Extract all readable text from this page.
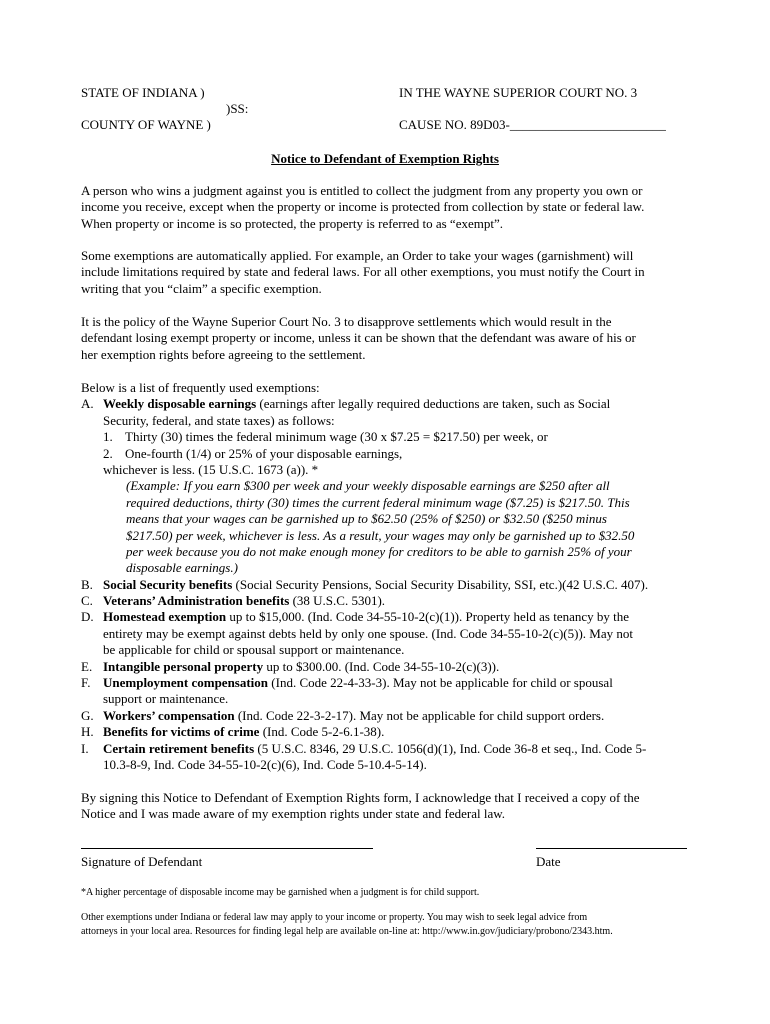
STATE OF INDIANA )
)SS:
COUNTY OF WAYNE )
IN THE WAYNE SUPERIOR COURT NO. 3
CAUSE NO. 89D03-________________________
Notice to Defendant of Exemption Rights

A person who wins a judgment against you is entitled to collect the judgment from any property you own or

income you receive, except when the property or income is protected from collection by state or federal law.

When property or income is so protected, the property is referred to as “exempt”.

Some exemptions are automatically applied. For example, an Order to take your wages (garnishment) will

include limitations required by state and federal laws. For all other exemptions, you must notify the Court in

writing that you “claim” a specific exemption.

It is the policy of the Wayne Superior Court No. 3 to disapprove settlements which would result in the

defendant losing exempt property or income, unless it can be shown that the defendant was aware of his or

her exemption rights before agreeing to the settlement.

Below is a list of frequently used exemptions:
A. Weekly disposable earnings (earnings after legally required deductions are taken, such as Social
Security, federal, and state taxes) as follows:
1. Thirty (30) times the federal minimum wage (30 x $7.25 = $217.50) per week, or
2. One-fourth (1/4) or 25% of your disposable earnings,
whichever is less. (15 U.S.C. 1673 (a)). *
(Example: If you earn $300 per week and your weekly disposable earnings are $250 after all
required deductions, thirty (30) times the current federal minimum wage ($7.25) is $217.50. This
means that your wages can be garnished up to $62.50 (25% of $250) or $32.50 ($250 minus
$217.50) per week, whichever is less. As a result, your wages may only be garnished up to $32.50
per week because you do not make enough money for creditors to be able to garnish 25% of your
disposable earnings.)
B. Social Security benefits (Social Security Pensions, Social Security Disability, SSI, etc.)(42 U.S.C. 407).
C. Veterans’ Administration benefits (38 U.S.C. 5301).
D. Homestead exemption up to $15,000. (Ind. Code 34-55-10-2(c)(1)). Property held as tenancy by the
entirety may be exempt against debts held by only one spouse. (Ind. Code 34-55-10-2(c)(5)). May not
be applicable for child or spousal support or maintenance.
E. Intangible personal property up to $300.00. (Ind. Code 34-55-10-2(c)(3)).
F. Unemployment compensation (Ind. Code 22-4-33-3). May not be applicable for child or spousal
support or maintenance.
G. Workers’ compensation (Ind. Code 22-3-2-17). May not be applicable for child support orders.
H. Benefits for victims of crime (Ind. Code 5-2-6.1-38).
I. Certain retirement benefits (5 U.S.C. 8346, 29 U.S.C. 1056(d)(1), Ind. Code 36-8 et seq., Ind. Code 5-
10.3-8-9, Ind. Code 34-55-10-2(c)(6), Ind. Code 5-10.4-5-14).

By signing this Notice to Defendant of Exemption Rights form, I acknowledge that I received a copy of the

Notice and I was made aware of my exemption rights under state and federal law.

Signature of Defendant	Date
*A higher percentage of disposable income may be garnished when a judgment is for child support.
Other exemptions under Indiana or federal law may apply to your income or property. You may wish to seek legal advice from
attorneys in your local area. Resources for finding legal help are available on-line at: http://www.in.gov/judiciary/probono/2343.htm.
